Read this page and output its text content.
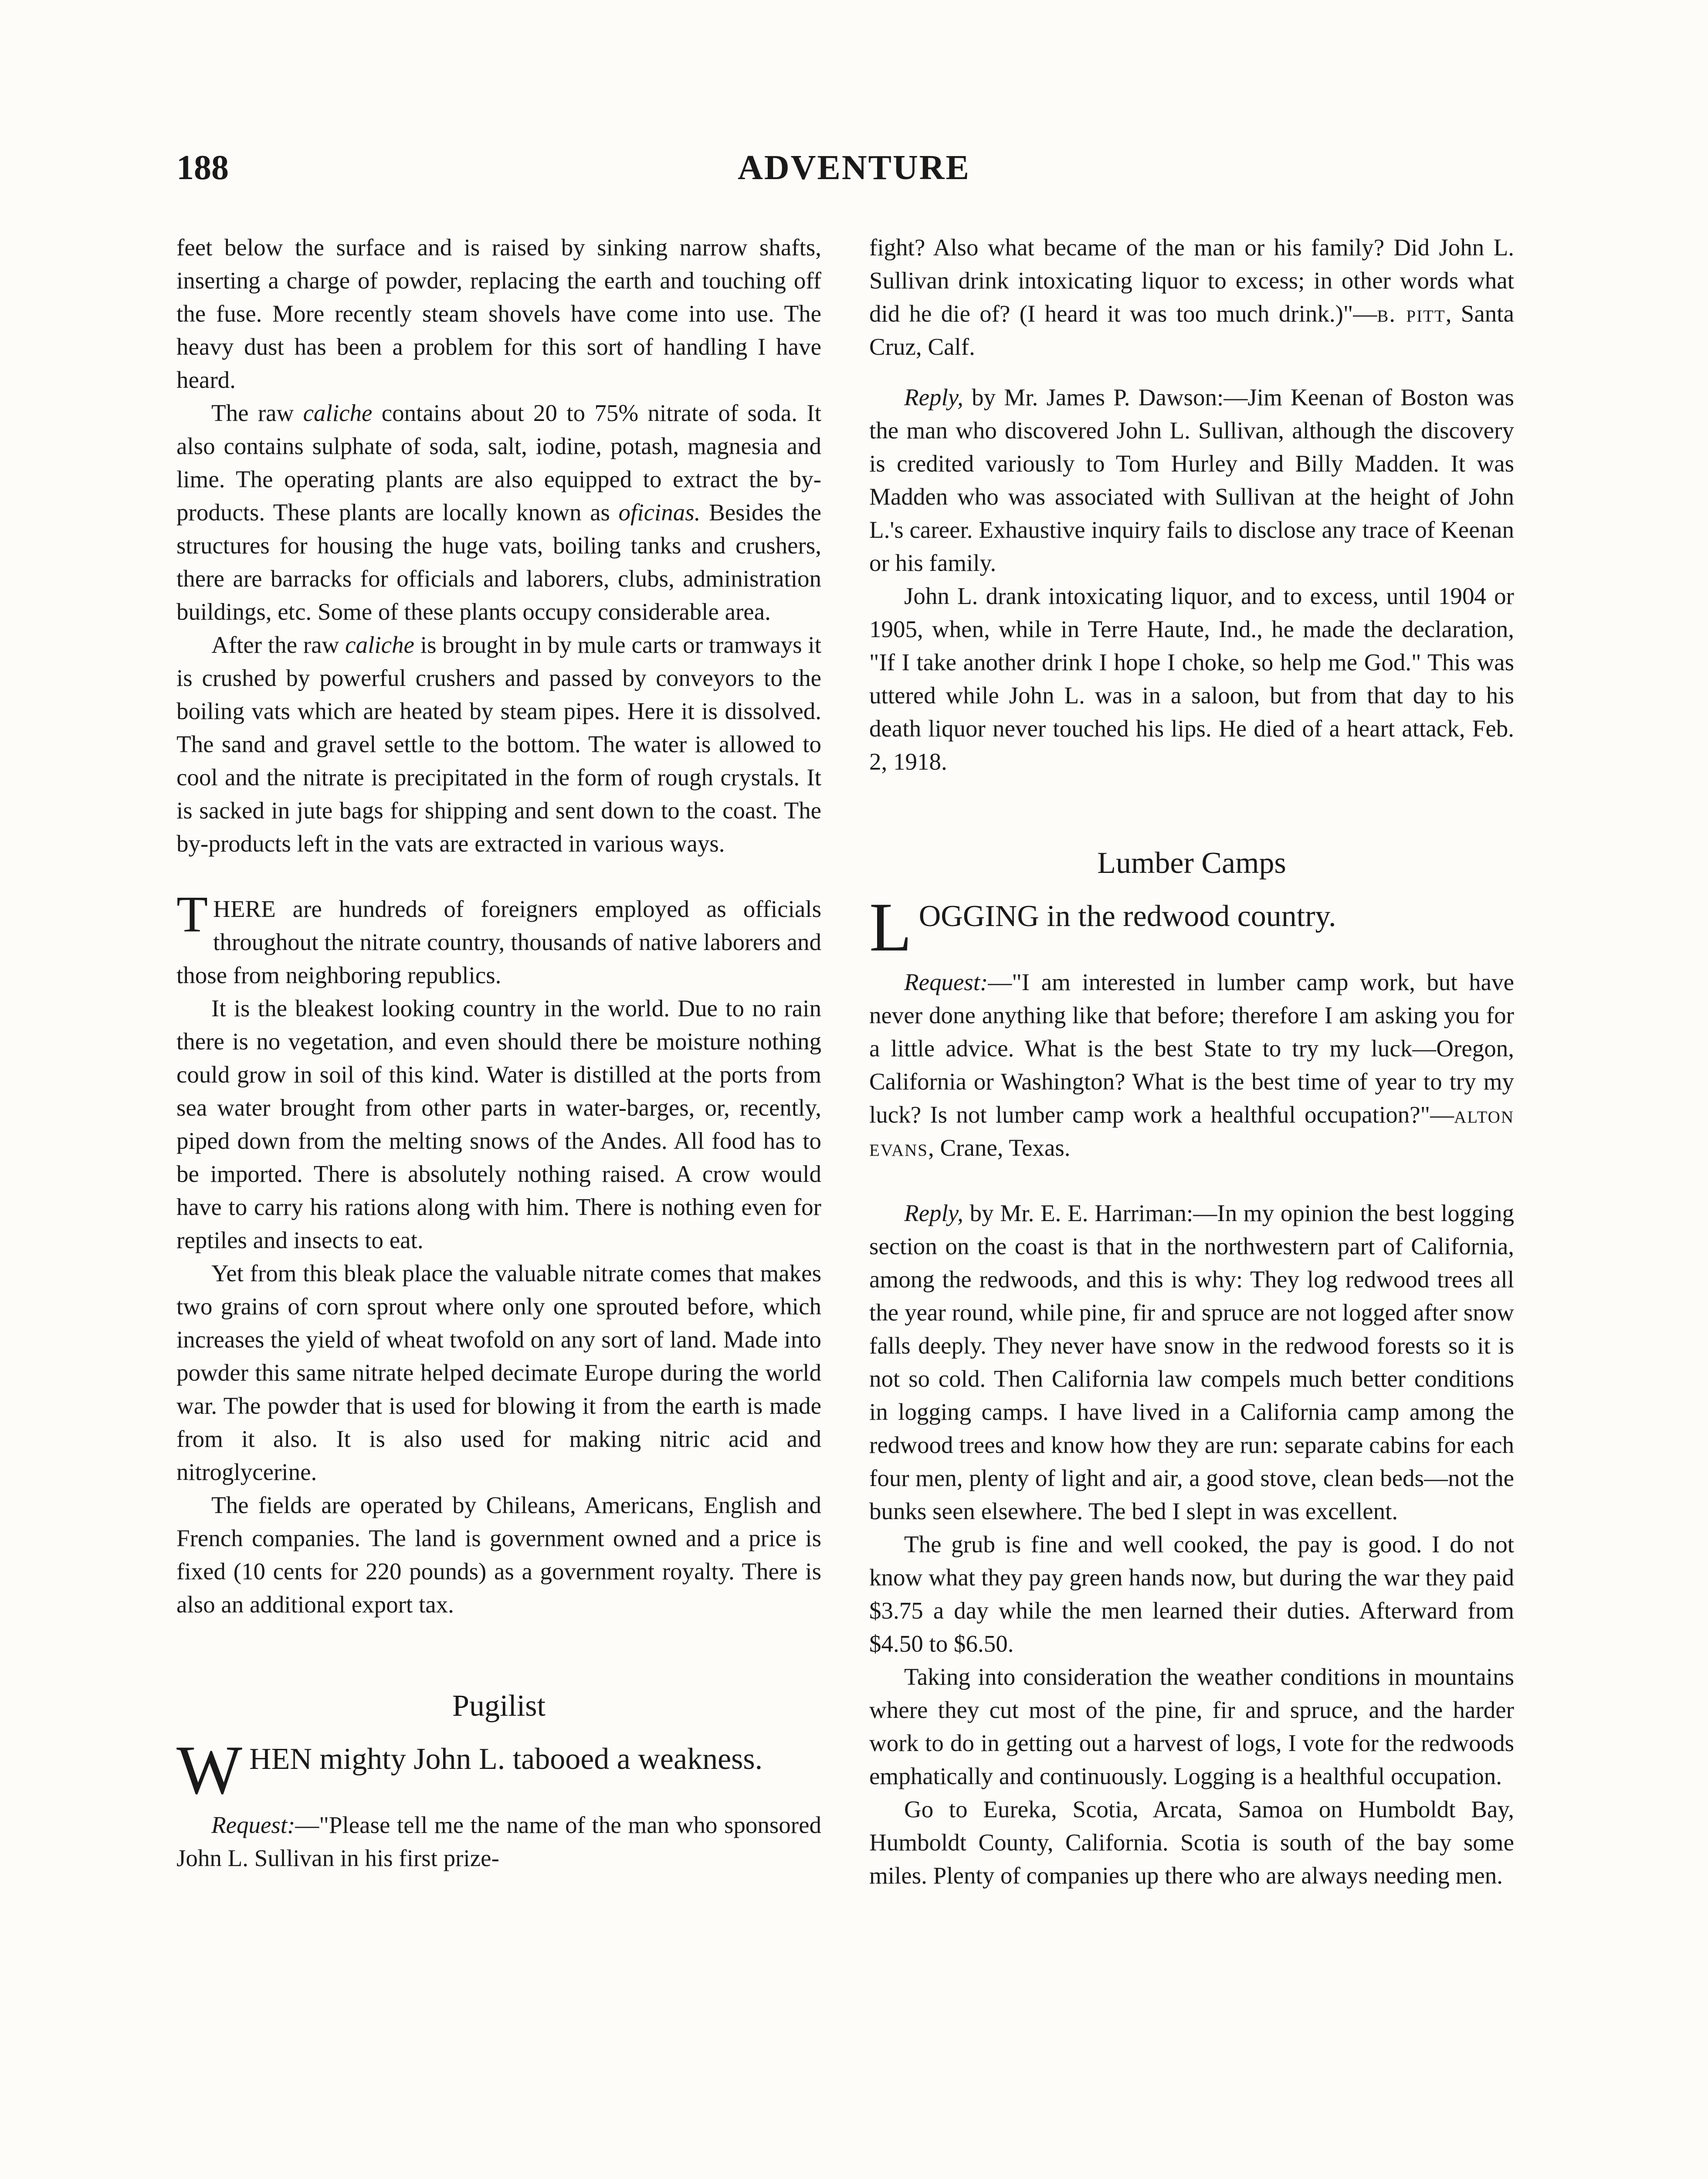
188	ADVENTURE

feet below the surface and is raised by sinking narrow shafts, inserting a charge of powder, replacing the earth and touching off the fuse. More recently steam shovels have come into use. The heavy dust has been a problem for this sort of handling I have heard.

The raw caliche contains about 20 to 75% nitrate of soda. It also contains sulphate of soda, salt, iodine, potash, magnesia and lime. The operating plants are also equipped to extract the by-products. These plants are locally known as oficinas. Besides the structures for housing the huge vats, boiling tanks and crushers, there are barracks for officials and laborers, clubs, administration buildings, etc. Some of these plants occupy considerable area.

After the raw caliche is brought in by mule carts or tramways it is crushed by powerful crushers and passed by conveyors to the boiling vats which are heated by steam pipes. Here it is dissolved. The sand and gravel settle to the bottom. The water is allowed to cool and the nitrate is precipitated in the form of rough crystals. It is sacked in jute bags for shipping and sent down to the coast. The by-products left in the vats are extracted in various ways.

THERE are hundreds of foreigners employed as officials throughout the nitrate country, thousands of native laborers and those from neighboring republics.

It is the bleakest looking country in the world. Due to no rain there is no vegetation, and even should there be moisture nothing could grow in soil of this kind. Water is distilled at the ports from sea water brought from other parts in water-barges, or, recently, piped down from the melting snows of the Andes. All food has to be imported. There is absolutely nothing raised. A crow would have to carry his rations along with him. There is nothing even for reptiles and insects to eat.

Yet from this bleak place the valuable nitrate comes that makes two grains of corn sprout where only one sprouted before, which increases the yield of wheat twofold on any sort of land. Made into powder this same nitrate helped decimate Europe during the world war. The powder that is used for blowing it from the earth is made from it also. It is also used for making nitric acid and nitroglycerine.

The fields are operated by Chileans, Americans, English and French companies. The land is government owned and a price is fixed (10 cents for 220 pounds) as a government royalty. There is also an additional export tax.

Pugilist
WHEN mighty John L. tabooed a weakness.

Request:—"Please tell me the name of the man who sponsored John L. Sullivan in his first prize-

fight? Also what became of the man or his family? Did John L. Sullivan drink intoxicating liquor to excess; in other words what did he die of? (I heard it was too much drink.)"—b. pitt, Santa Cruz, Calf.

Reply, by Mr. James P. Dawson:—Jim Keenan of Boston was the man who discovered John L. Sullivan, although the discovery is credited variously to Tom Hurley and Billy Madden. It was Madden who was associated with Sullivan at the height of John L.'s career. Exhaustive inquiry fails to disclose any trace of Keenan or his family.

John L. drank intoxicating liquor, and to excess, until 1904 or 1905, when, while in Terre Haute, Ind., he made the declaration, "If I take another drink I hope I choke, so help me God." This was uttered while John L. was in a saloon, but from that day to his death liquor never touched his lips. He died of a heart attack, Feb. 2, 1918.

Lumber Camps
LOGGING in the redwood country.

Request:—"I am interested in lumber camp work, but have never done anything like that before; therefore I am asking you for a little advice. What is the best State to try my luck—Oregon, California or Washington? What is the best time of year to try my luck? Is not lumber camp work a healthful occupation?"—alton evans, Crane, Texas.

Reply, by Mr. E. E. Harriman:—In my opinion the best logging section on the coast is that in the northwestern part of California, among the redwoods, and this is why: They log redwood trees all the year round, while pine, fir and spruce are not logged after snow falls deeply. They never have snow in the redwood forests so it is not so cold. Then California law compels much better conditions in logging camps. I have lived in a California camp among the redwood trees and know how they are run: separate cabins for each four men, plenty of light and air, a good stove, clean beds—not the bunks seen elsewhere. The bed I slept in was excellent.

The grub is fine and well cooked, the pay is good. I do not know what they pay green hands now, but during the war they paid $3.75 a day while the men learned their duties. Afterward from $4.50 to $6.50.

Taking into consideration the weather conditions in mountains where they cut most of the pine, fir and spruce, and the harder work to do in getting out a harvest of logs, I vote for the redwoods emphatically and continuously. Logging is a healthful occupation.

Go to Eureka, Scotia, Arcata, Samoa on Humboldt Bay, Humboldt County, California. Scotia is south of the bay some miles. Plenty of companies up there who are always needing men.
